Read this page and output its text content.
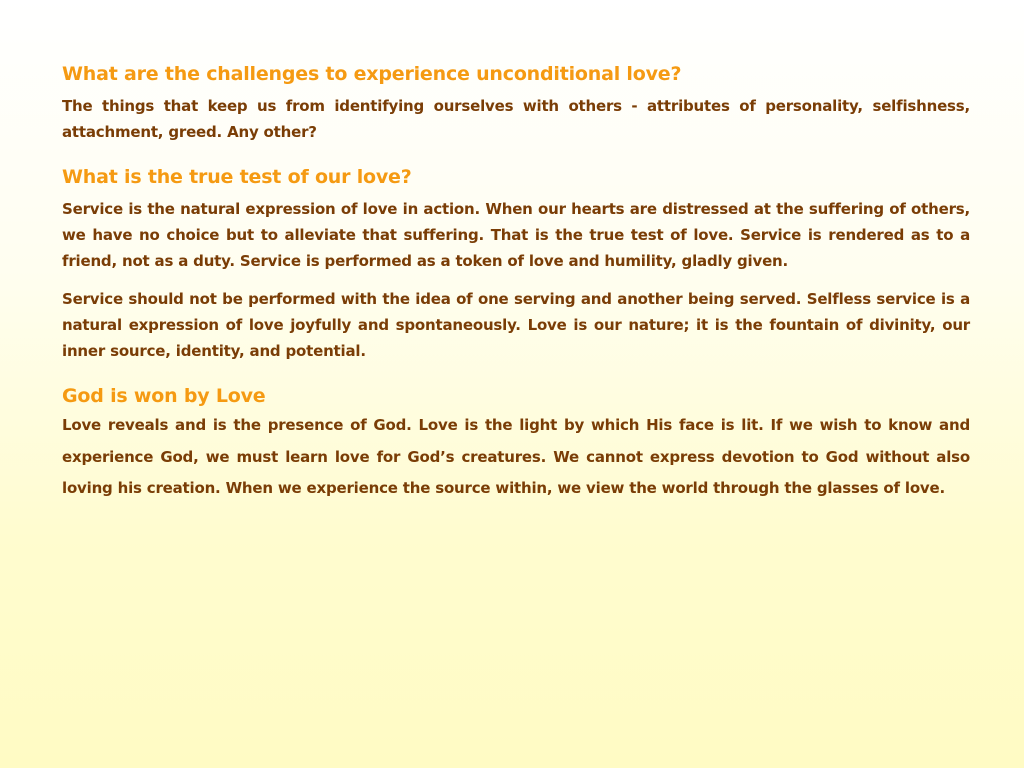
What are the challenges to experience unconditional love?

The things that keep us from identifying ourselves with others - attributes of personality, selfishness, attachment, greed. Any other?

What is the true test of our love?

Service is the natural expression of love in action. When our hearts are distressed at the suffering of others, we have no choice but to alleviate that suffering. That is the true test of love. Service is rendered as to a friend, not as a duty. Service is performed as a token of love and humility, gladly given.

Service should not be performed with the idea of one serving and another being served. Selfless service is a natural expression of love joyfully and spontaneously. Love is our nature; it is the fountain of divinity, our inner source, identity, and potential.

God is won by Love

Love reveals and is the presence of God. Love is the light by which His face is lit. If we wish to know and experience God, we must learn love for God’s creatures. We cannot express devotion to God without also loving his creation. When we experience the source within, we view the world through the glasses of love.
